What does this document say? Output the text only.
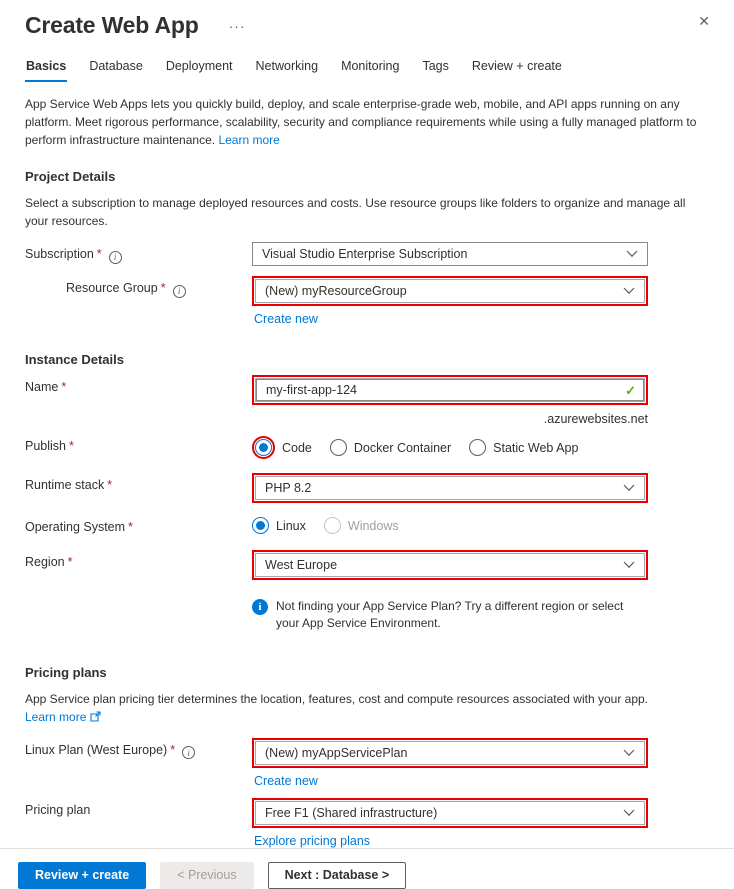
Create Web App ···	✕
Basics Database Deployment Networking Monitoring Tags Review + create

App Service Web Apps lets you quickly build, deploy, and scale enterprise-grade web, mobile, and API apps running on any platform. Meet rigorous performance, scalability, security and compliance requirements while using a fully managed platform to perform infrastructure maintenance. Learn more

Project Details

Select a subscription to manage deployed resources and costs. Use resource groups like folders to organize and manage all your resources.

Subscription * i	Visual Studio Enterprise Subscription
Resource Group * i	(New) myResourceGroup
Create new
Instance Details
Name *
my-first-app-124	✓
.azurewebsites.net
Publish *	Code	Docker Container	Static Web App
Runtime stack *	PHP 8.2
Operating System *	Linux	Windows
Region *	West Europe
i	Not finding your App Service Plan? Try a different region or select your App Service Environment.
Pricing plans

App Service plan pricing tier determines the location, features, cost and compute resources associated with your app.

Learn more
Linux Plan (West Europe) * i	(New) myAppServicePlan
Create new
Pricing plan	Free F1 (Shared infrastructure)
Explore pricing plans
Review + create	< Previous	Next : Database >
